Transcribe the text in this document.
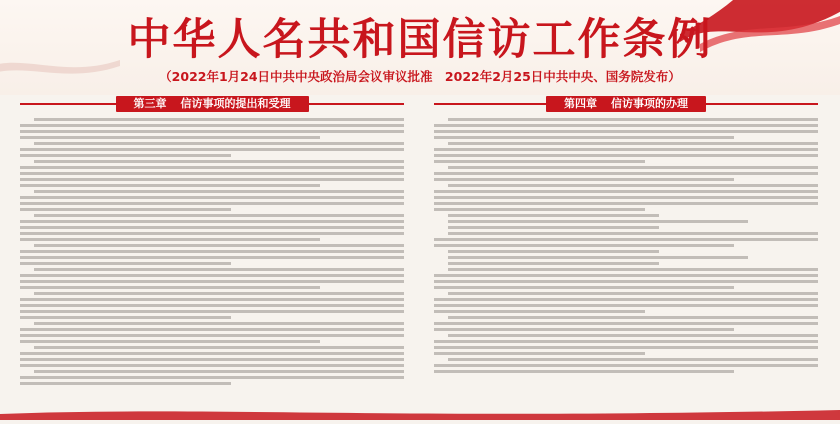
中华人名共和国信访工作条例
（2022年1月24日中共中央政治局会议审议批准 2022年2月25日中共中央、国务院发布）
第三章 信访事项的提出和受理	第四章 信访事项的办理
